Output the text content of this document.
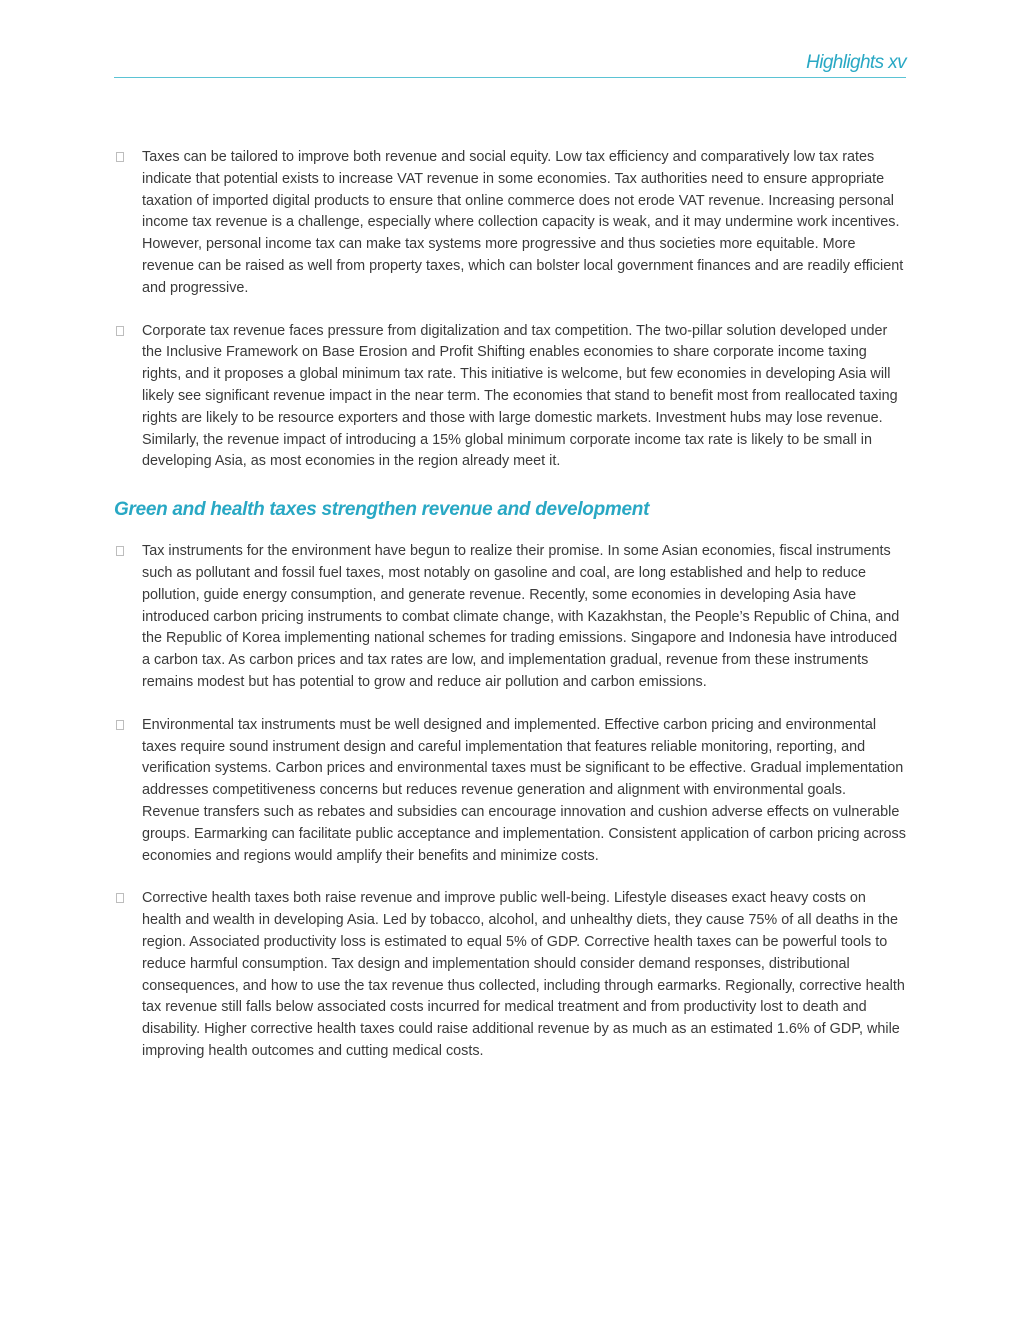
Highlights xv
Taxes can be tailored to improve both revenue and social equity. Low tax efficiency and comparatively low tax rates indicate that potential exists to increase VAT revenue in some economies. Tax authorities need to ensure appropriate taxation of imported digital products to ensure that online commerce does not erode VAT revenue. Increasing personal income tax revenue is a challenge, especially where collection capacity is weak, and it may undermine work incentives. However, personal income tax can make tax systems more progressive and thus societies more equitable. More revenue can be raised as well from property taxes, which can bolster local government finances and are readily efficient and progressive.
Corporate tax revenue faces pressure from digitalization and tax competition. The two-pillar solution developed under the Inclusive Framework on Base Erosion and Profit Shifting enables economies to share corporate income taxing rights, and it proposes a global minimum tax rate. This initiative is welcome, but few economies in developing Asia will likely see significant revenue impact in the near term. The economies that stand to benefit most from reallocated taxing rights are likely to be resource exporters and those with large domestic markets. Investment hubs may lose revenue. Similarly, the revenue impact of introducing a 15% global minimum corporate income tax rate is likely to be small in developing Asia, as most economies in the region already meet it.
Green and health taxes strengthen revenue and development
Tax instruments for the environment have begun to realize their promise. In some Asian economies, fiscal instruments such as pollutant and fossil fuel taxes, most notably on gasoline and coal, are long established and help to reduce pollution, guide energy consumption, and generate revenue. Recently, some economies in developing Asia have introduced carbon pricing instruments to combat climate change, with Kazakhstan, the People’s Republic of China, and the Republic of Korea implementing national schemes for trading emissions. Singapore and Indonesia have introduced a carbon tax. As carbon prices and tax rates are low, and implementation gradual, revenue from these instruments remains modest but has potential to grow and reduce air pollution and carbon emissions.
Environmental tax instruments must be well designed and implemented. Effective carbon pricing and environmental taxes require sound instrument design and careful implementation that features reliable monitoring, reporting, and verification systems. Carbon prices and environmental taxes must be significant to be effective. Gradual implementation addresses competitiveness concerns but reduces revenue generation and alignment with environmental goals. Revenue transfers such as rebates and subsidies can encourage innovation and cushion adverse effects on vulnerable groups. Earmarking can facilitate public acceptance and implementation. Consistent application of carbon pricing across economies and regions would amplify their benefits and minimize costs.
Corrective health taxes both raise revenue and improve public well-being. Lifestyle diseases exact heavy costs on health and wealth in developing Asia. Led by tobacco, alcohol, and unhealthy diets, they cause 75% of all deaths in the region. Associated productivity loss is estimated to equal 5% of GDP. Corrective health taxes can be powerful tools to reduce harmful consumption. Tax design and implementation should consider demand responses, distributional consequences, and how to use the tax revenue thus collected, including through earmarks. Regionally, corrective health tax revenue still falls below associated costs incurred for medical treatment and from productivity lost to death and disability. Higher corrective health taxes could raise additional revenue by as much as an estimated 1.6% of GDP, while improving health outcomes and cutting medical costs.
